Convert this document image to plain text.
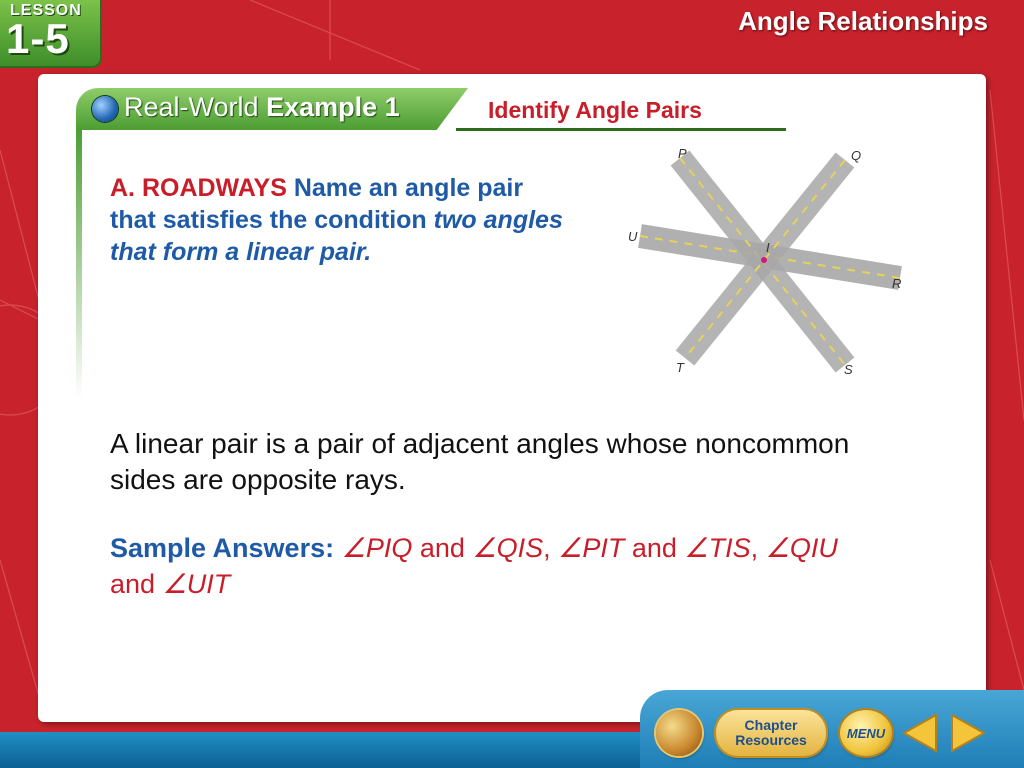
LESSON
1-5	Angle Relationships
Real-World Example 1	Identify Angle Pairs
A. ROADWAYS Name an angle pair that satisfies the condition two angles that form a linear pair.
P	Q
U
R
T	S
I
A linear pair is a pair of adjacent angles whose noncommon sides are opposite rays.
Sample Answers: ∠PIQ and ∠QIS, ∠PIT and ∠TIS, ∠QIU and ∠UIT
Chapter
Resources	MENU
